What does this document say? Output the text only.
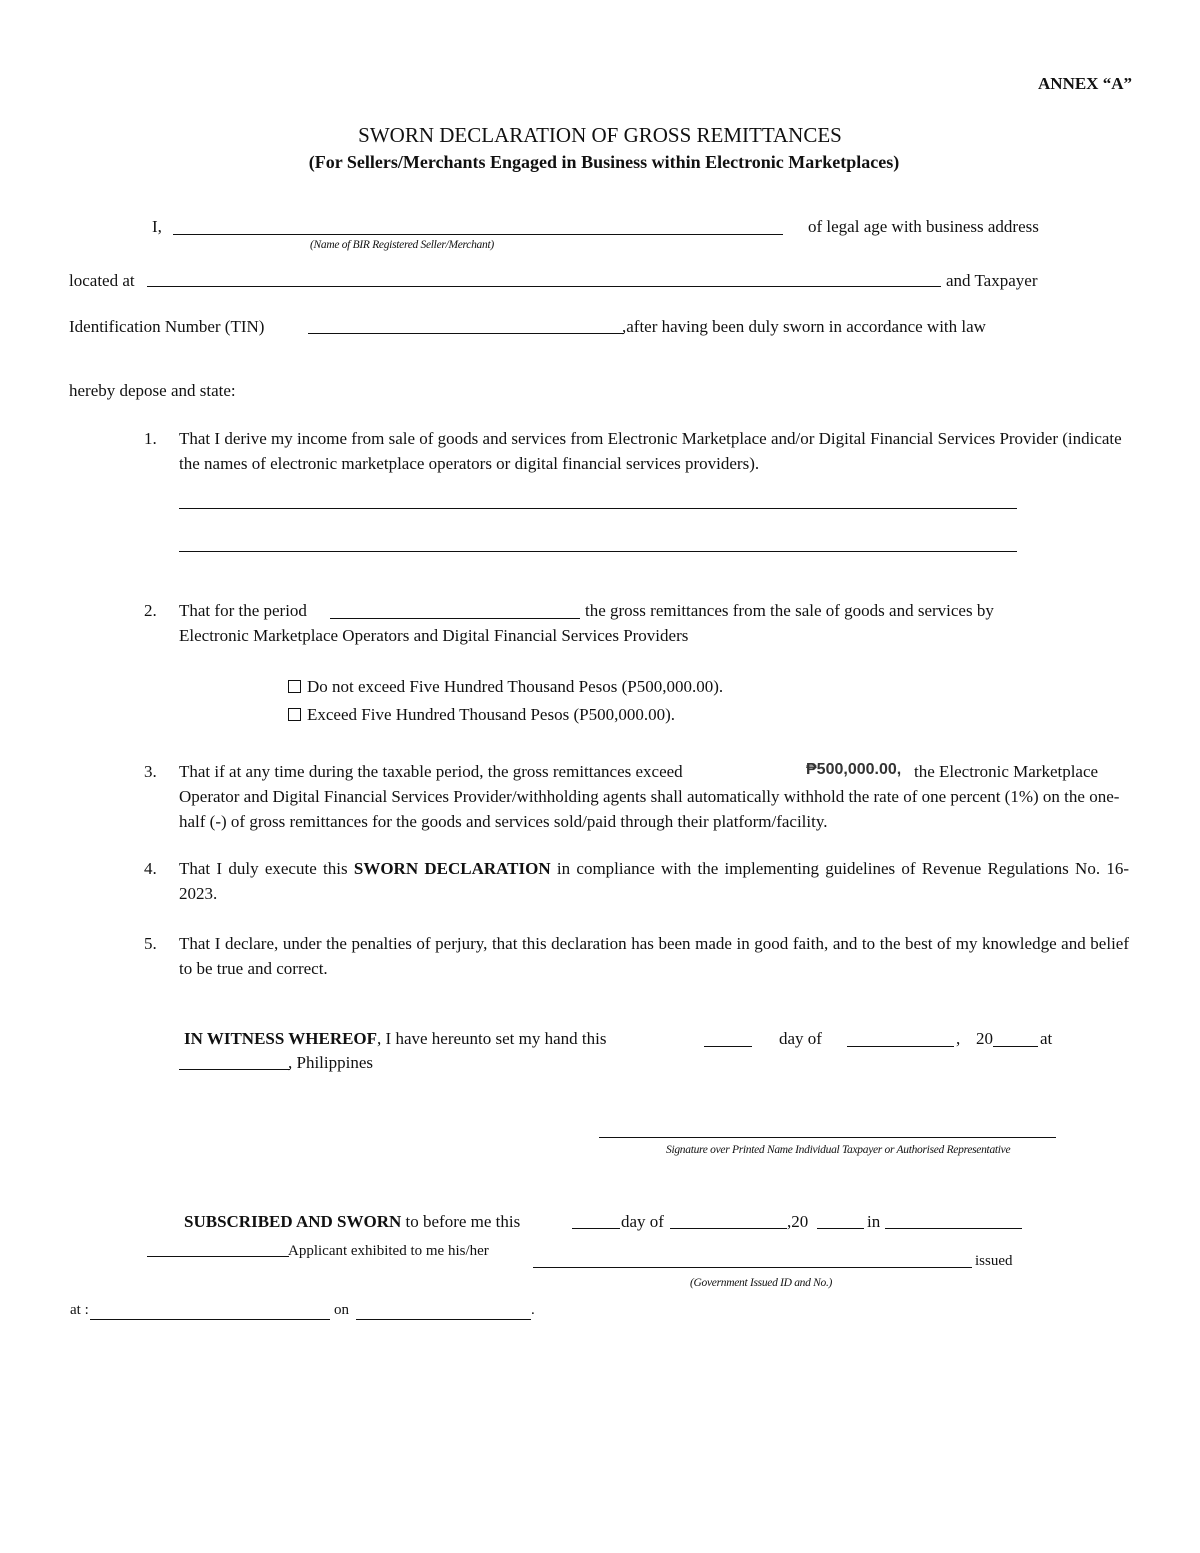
ANNEX “A”
SWORN DECLARATION OF GROSS REMITTANCES
(For Sellers/Merchants Engaged in Business within Electronic Marketplaces)
I,
(Name of BIR Registered Seller/Merchant)
of legal age with business address
located at	and Taxpayer
Identification Number (TIN)	,after having been duly sworn in accordance with law
hereby depose and state:
1. That I derive my income from sale of goods and services from Electronic Marketplace and/or Digital Financial Services Provider (indicate the names of electronic marketplace operators or digital financial services providers).
2. That for the period	the gross remittances from the sale of goods and services by
Electronic Marketplace Operators and Digital Financial Services Providers
Do not exceed Five Hundred Thousand Pesos (P500,000.00).
Exceed Five Hundred Thousand Pesos (P500,000.00).
3. That if at any time during the taxable period, the gross remittances exceed	₱500,000.00, the Electronic Marketplace
Operator and Digital Financial Services Provider/withholding agents shall automatically withhold the rate of one percent (1%) on the one-half (-) of gross remittances for the goods and services sold/paid through their platform/facility.
4. That I duly execute this SWORN DECLARATION in compliance with the implementing guidelines of Revenue Regulations No. 16-2023.
5. That I declare, under the penalties of perjury, that this declaration has been made in good faith, and to the best of my knowledge and belief to be true and correct.
IN WITNESS WHEREOF, I have hereunto set my hand this	day of	, 20	at
, Philippines
Signature over Printed Name Individual Taxpayer or Authorised Representative
SUBSCRIBED AND SWORN to before me this	day of	,20	in
Applicant exhibited to me his/her
issued
(Government Issued ID and No.)
at :	on	.
